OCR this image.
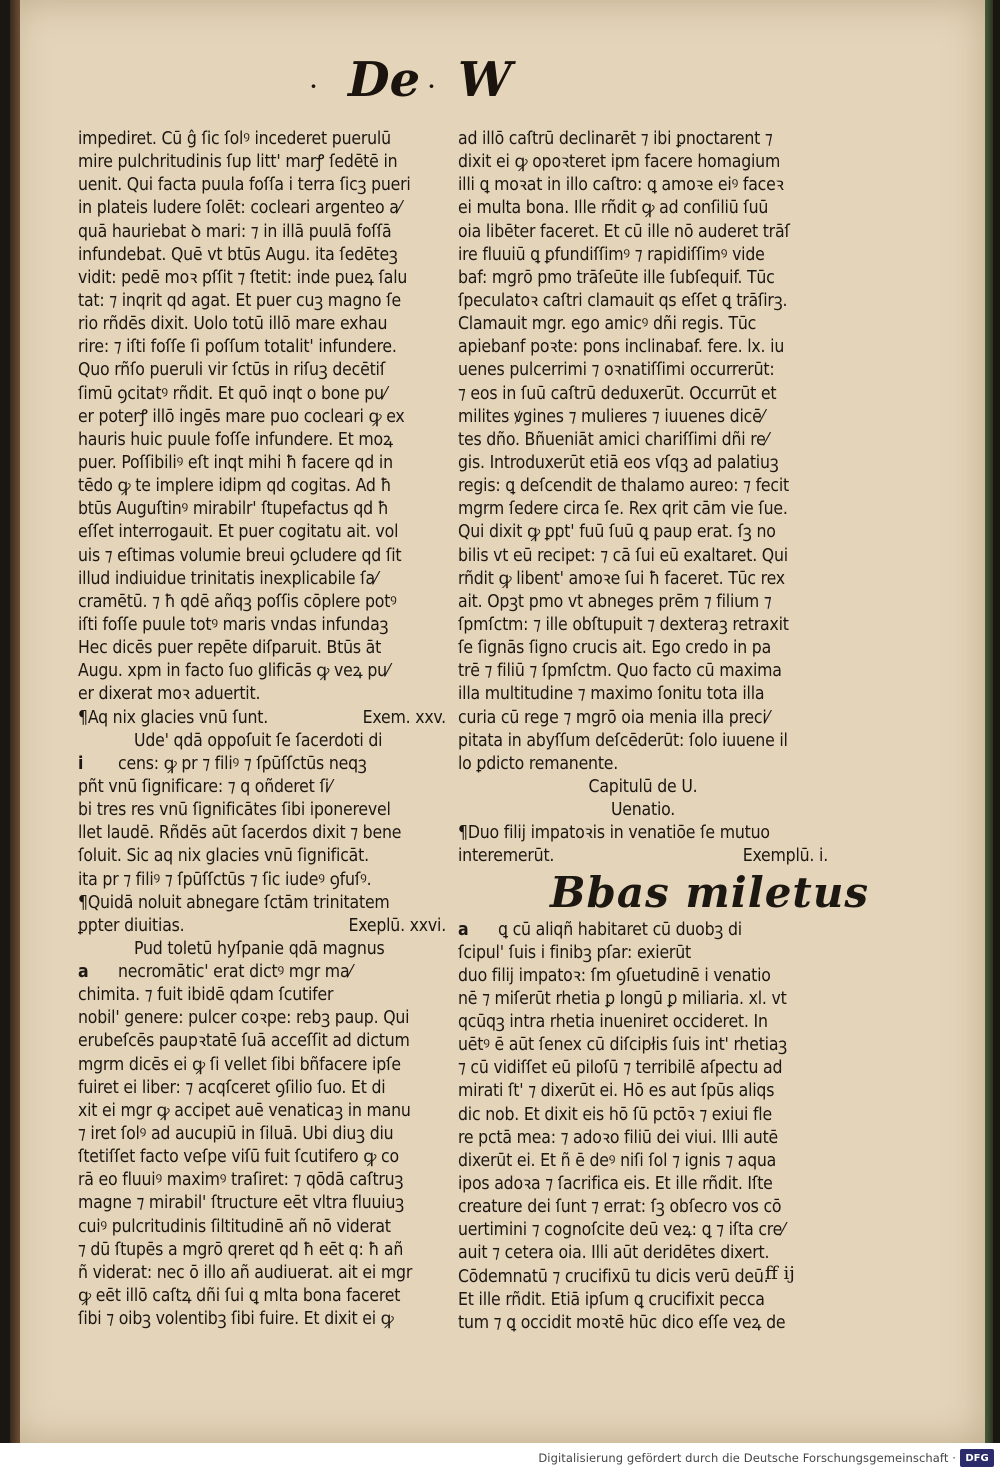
· De · W
impediret. Cū ĝ ſic ſolꝰ incederet puerulū
mire pulchritudinis ſup litt' marꝭ ſedētē in
uenit. Qui facta puula foſſa i terra ſicꝫ pueri
in plateis ludere ſolēt: cocleari argenteo a⁄
quā hauriebat ꝺ mari: ⁊ in illā puulā foſſā
infundebat. Quē vt btūs Augu. ita ſedēteꝫ
vidit: pedē moꝛ pſſit ⁊ ſtetit: inde pueꝝ ſalu
tat: ⁊ inqrit qd agat. Et puer cuꝫ magno ſe
rio rñdēs dixit. Uolo totū illō mare exhau
rire: ⁊ iſti foſſe ſi poſſum totalit' infundere.
Quo rñſo pueruli vir ſctūs in riſuꝫ decētiſ
ſimū ꝯcitatꝰ rñdit. Et quō inqt o bone pu⁄
er poterꝭ illō ingēs mare puo cocleari ꝙ ex
hauris huic puule foſſe infundere. Et moꝝ
puer. Poſſibiliꝰ eſt inqt mihi ħ facere qd in
tēdo ꝙ te implere idipm qd cogitas. Ad ħ
btūs Auguſtinꝰ mirabilr' ſtupefactus qd ħ
eſſet interrogauit. Et puer cogitatu ait. vol
uis ⁊ eſtimas volumie breui ꝯcludere qd ſit
illud indiuidue trinitatis inexplicabile ſa⁄
cramētū. ⁊ ħ qdē añqꝫ poſſis cōplere potꝰ
iſti foſſe puule totꝰ maris vndas infundaꝫ
Hec dicēs puer repēte diſparuit. Btūs āt
Augu. xpm in facto ſuo glificās ꝙ veꝝ pu⁄
er dixerat moꝛ aduertit.
¶Aq nix glacies vnū ſunt.	Exem. xxv.
Ude' qdā oppoſuit ſe ſacerdoti di
i cens: ꝙ pr ⁊ filiꝰ ⁊ ſpūſſctūs neqꝫ
pñt vnū ſignificare: ⁊ q oñderet ſi⁄
bi tres res vnū ſignificātes ſibi iponerevel
llet laudē. Rñdēs aūt ſacerdos dixit ⁊ bene
ſoluit. Sic aq nix glacies vnū ſignificāt.
ita pr ⁊ filiꝰ ⁊ ſpūſſctūs ⁊ ſic iudeꝰ ꝯfuſꝰ.
¶Quidā noluit abnegare ſctām trinitatem
ꝑpter diuitias.	Exeplū. xxvi.
Pud toletū hyſpanie qdā magnus
a necromātic' erat dictꝰ mgr ma⁄
chimita. ⁊ fuit ibidē qdam ſcutifer
nobil' genere: pulcer coꝛpe: rebꝫ paup. Qui
erubeſcēs paupꝛtatē ſuā acceſſit ad dictum
mgrm dicēs ei ꝙ ſi vellet ſibi bñfacere ipſe
fuiret ei liber: ⁊ acqſceret ꝯſilio ſuo. Et di
xit ei mgr ꝙ accipet auē venaticaꝫ in manu
⁊ iret ſolꝰ ad aucupiū in ſiluā. Ubi diuꝫ diu
ſtetiſſet facto veſpe viſū fuit ſcutifero ꝙ co
rā eo fluuiꝰ maximꝰ traſiret: ⁊ qōdā caſtruꝫ
magne ⁊ mirabil' ſtructure eēt vltra fluuiuꝫ
cuiꝰ pulcritudinis ſiltitudinē añ nō viderat
⁊ dū ſtupēs a mgrō qreret qd ħ eēt q: ħ añ
ñ viderat: nec ō illo añ audiuerat. ait ei mgr
ꝙ eēt illō caſtꝝ dñi ſui ꝗ mlta bona faceret
ſibi ⁊ oibꝫ volentibꝫ ſibi fuire. Et dixit ei ꝙ
ad illō caſtrū declinarēt ⁊ ibi ꝑnoctarent ⁊
dixit ei ꝙ opoꝛteret ipm facere homagium
illi ꝗ moꝛat in illo caſtro: ꝗ amoꝛe eiꝰ faceꝛ
ei multa bona. Ille rñdit ꝙ ad conſiliū ſuū
oia libēter faceret. Et cū ille nō auderet trāſ
ire fluuiū ꝗ ꝑfundiſſimꝰ ⁊ rapidiſſimꝰ vide
baf: mgrō pmo trāſeūte ille ſubſequif. Tūc
ſpeculatoꝛ caſtri clamauit qs eſſet ꝗ trāſirꝫ.
Clamauit mgr. ego amicꝰ dñi regis. Tūc
apiebanf poꝛte: pons inclinabaf. fere. lx. iu
uenes pulcerrimi ⁊ oꝛnatiſſimi occurrerūt:
⁊ eos in ſuū caſtrū deduxerūt. Occurrūt et
milites ꝟgines ⁊ mulieres ⁊ iuuenes dicē⁄
tes dño. Bñueniāt amici chariſſimi dñi re⁄
gis. Introduxerūt etiā eos vſqꝫ ad palatiuꝫ
regis: ꝗ deſcendit de thalamo aureo: ⁊ fecit
mgrm ſedere circa ſe. Rex qrit cām vie ſue.
Qui dixit ꝙ ꝑpt' fuū ſuū ꝗ paup erat. ſꝫ no
bilis vt eū recipet: ⁊ cā ſui eū exaltaret. Qui
rñdit ꝙ libent' amoꝛe ſui ħ faceret. Tūc rex
ait. Opꝫt pmo vt abneges prēm ⁊ filium ⁊
ſpmſctm: ⁊ ille obſtupuit ⁊ dexteraꝫ retraxit
ſe ſignās ſigno crucis ait. Ego credo in pa
trē ⁊ filiū ⁊ ſpmſctm. Quo facto cū maxima
illa multitudine ⁊ maximo ſonitu tota illa
curia cū rege ⁊ mgrō oia menia illa preci⁄
pitata in abyſſum deſcēderūt: ſolo iuuene il
lo ꝑdicto remanente.
Capitulū de U.
Uenatio.
¶Duo filij impatoꝛis in venatiōe ſe mutuo
interemerūt.	Exemplū. i.
Bbas miletus
a ꝗ cū aliqñ habitaret cū duobꝫ di
ſcipul' ſuis i finibꝫ pſar: exierūt
duo filij impatoꝛ: ſm ꝯſuetudinē i venatio
nē ⁊ miſerūt rhetia ꝑ longū ꝑ miliaria. xl. vt
qcūqꝫ intra rhetia inueniret occideret. In
uētꝰ ē aūt ſenex cū diſcipłis ſuis int' rhetiaꝫ
⁊ cū vidiſſet eū piloſū ⁊ terribilē aſpectu ad
mirati ſt' ⁊ dixerūt ei. Hō es aut ſpūs aliqs
dic nob. Et dixit eis hō ſū pctōꝛ ⁊ exiui fle
re pctā mea: ⁊ adoꝛo filiū dei viui. Illi autē
dixerūt ei. Et ñ ē deꝰ niſi ſol ⁊ ignis ⁊ aqua
ipos adoꝛa ⁊ ſacrifica eis. Et ille rñdit. Iſte
creature dei ſunt ⁊ errat: ſꝫ obſecro vos cō
uertimini ⁊ cognoſcite deū veꝝ: ꝗ ⁊ iſta cre⁄
auit ⁊ cetera oia. Illi aūt deridētes dixert.
Cōdemnatū ⁊ crucifixū tu dicis verū deū.
Et ille rñdit. Etiā ipſum ꝗ crucifixit pecca
tum ⁊ ꝗ occidit moꝛtē hūc dico eſſe veꝝ de
ff ij
Digitalisierung gefördert durch die Deutsche Forschungsgemeinschaft · DFG
